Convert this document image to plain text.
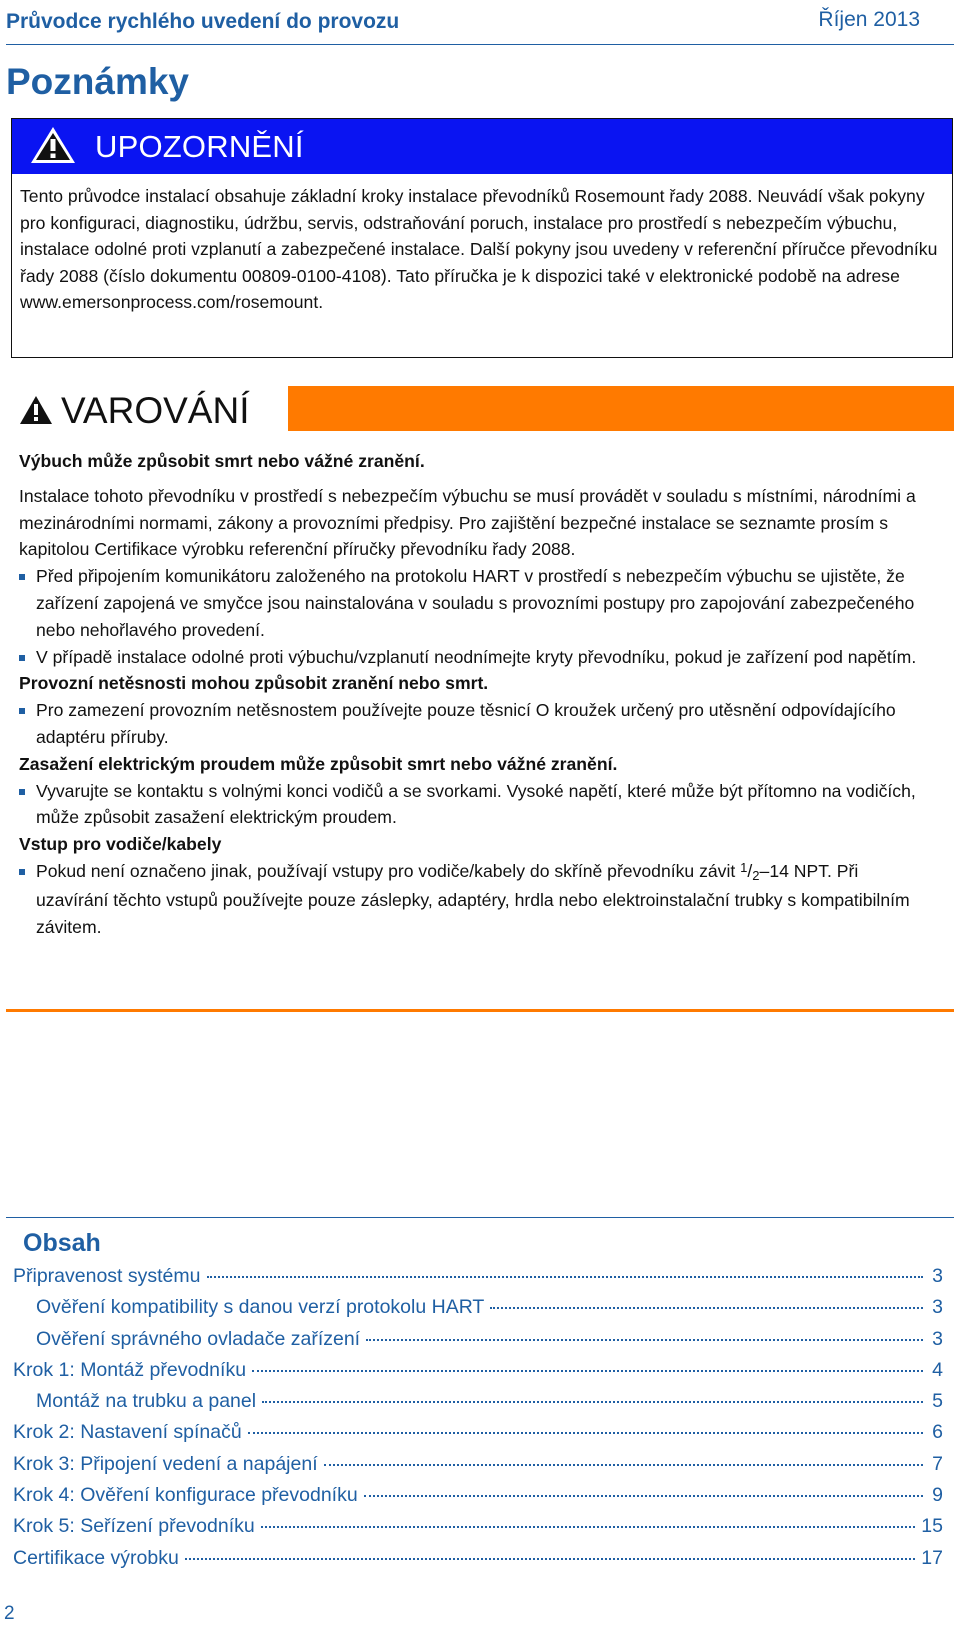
Průvodce rychlého uvedení do provozu	Říjen 2013
Poznámky
UPOZORNĚNÍ
Tento průvodce instalací obsahuje základní kroky instalace převodníků Rosemount řady 2088. Neuvádí však pokyny pro konfiguraci, diagnostiku, údržbu, servis, odstraňování poruch, instalace pro prostředí s nebezpečím výbuchu, instalace odolné proti vzplanutí a zabezpečené instalace. Další pokyny jsou uvedeny v referenční příručce převodníku řady 2088 (číslo dokumentu 00809-0100-4108). Tato příručka je k dispozici také v elektronické podobě na adrese www.emersonprocess.com/rosemount.
VAROVÁNÍ

Výbuch může způsobit smrt nebo vážné zranění.

Instalace tohoto převodníku v prostředí s nebezpečím výbuchu se musí provádět v souladu s místními, národními a mezinárodními normami, zákony a provozními předpisy. Pro zajištění bezpečné instalace se seznamte prosím s kapitolou Certifikace výrobku referenční příručky převodníku řady 2088.

Před připojením komunikátoru založeného na protokolu HART v prostředí s nebezpečím výbuchu se ujistěte, že zařízení zapojená ve smyčce jsou nainstalována v souladu s provozními postupy pro zapojování zabezpečeného nebo nehořlavého provedení.

V případě instalace odolné proti výbuchu/vzplanutí neodnímejte kryty převodníku, pokud je zařízení pod napětím.

Provozní netěsnosti mohou způsobit zranění nebo smrt.

Pro zamezení provozním netěsnostem používejte pouze těsnicí O kroužek určený pro utěsnění odpovídajícího adaptéru příruby.

Zasažení elektrickým proudem může způsobit smrt nebo vážné zranění.

Vyvarujte se kontaktu s volnými konci vodičů a se svorkami. Vysoké napětí, které může být přítomno na vodičích, může způsobit zasažení elektrickým proudem.

Vstup pro vodiče/kabely

Pokud není označeno jinak, používají vstupy pro vodiče/kabely do skříně převodníku závit $^1/_2-14$ NPT. Při uzavírání těchto vstupů používejte pouze záslepky, adaptéry, hrdla nebo elektroinstalační trubky s kompatibilním závitem.

Obsah
Připravenost systému	3
Ověření kompatibility s danou verzí protokolu HART	3
Ověření správného ovladače zařízení	3
Krok 1: Montáž převodníku	4
Montáž na trubku a panel	5
Krok 2: Nastavení spínačů	6
Krok 3: Připojení vedení a napájení	7
Krok 4: Ověření konfigurace převodníku	9
Krok 5: Seřízení převodníku	15
Certifikace výrobku	17
2
